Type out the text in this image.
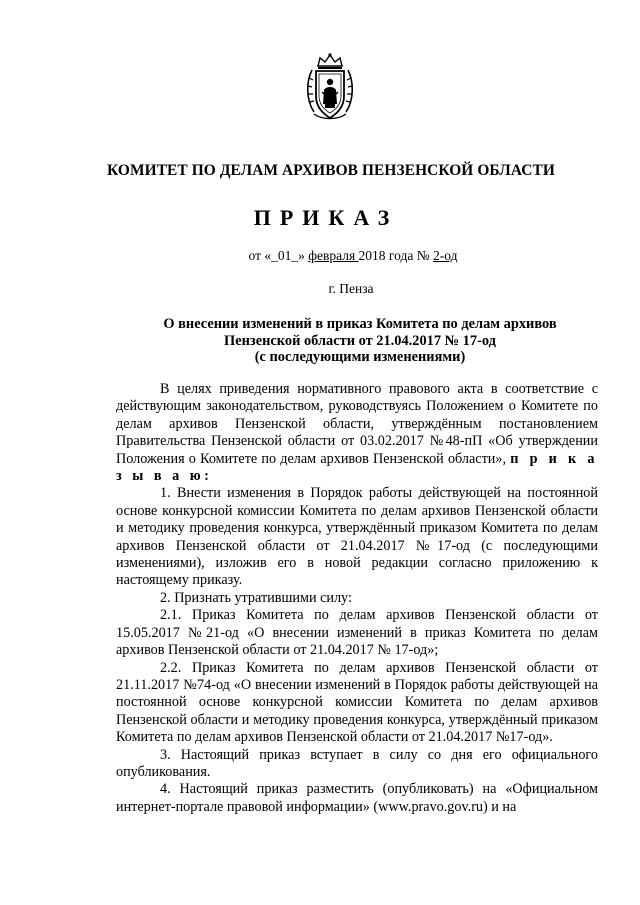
КОМИТЕТ ПО ДЕЛАМ АРХИВОВ ПЕНЗЕНСКОЙ ОБЛАСТИ
ПРИКАЗ
от «_01_» февраля 2018 года № 2-од
г. Пенза
О внесении изменений в приказ Комитета по делам архивов
Пензенской области от 21.04.2017 № 17-од
(с последующими изменениями)

В целях приведения нормативного правового акта в соответствие с действующим законодательством, руководствуясь Положением о Комитете по делам архивов Пензенской области, утверждённым постановлением Правительства Пензенской области от 03.02.2017 №48-пП «Об утверждении Положения о Комитете по делам архивов Пензенской области», п р и к а з ы в а ю:

1. Внести изменения в Порядок работы действующей на постоянной основе конкурсной комиссии Комитета по делам архивов Пензенской области и методику проведения конкурса, утверждённый приказом Комитета по делам архивов Пензенской области от 21.04.2017 №17-од (с последующими изменениями), изложив его в новой редакции согласно приложению к настоящему приказу.

2. Признать утратившими силу:

2.1. Приказ Комитета по делам архивов Пензенской области от 15.05.2017 №21-од «О внесении изменений в приказ Комитета по делам архивов Пензенской области от 21.04.2017 № 17-од»;

2.2. Приказ Комитета по делам архивов Пензенской области от 21.11.2017 №74-од «О внесении изменений в Порядок работы действующей на постоянной основе конкурсной комиссии Комитета по делам архивов Пензенской области и методику проведения конкурса, утверждённый приказом Комитета по делам архивов Пензенской области от 21.04.2017 №17-од».

3. Настоящий приказ вступает в силу со дня его официального опубликования.

4. Настоящий приказ разместить (опубликовать) на «Официальном интернет-портале правовой информации» (www.pravo.gov.ru) и на
